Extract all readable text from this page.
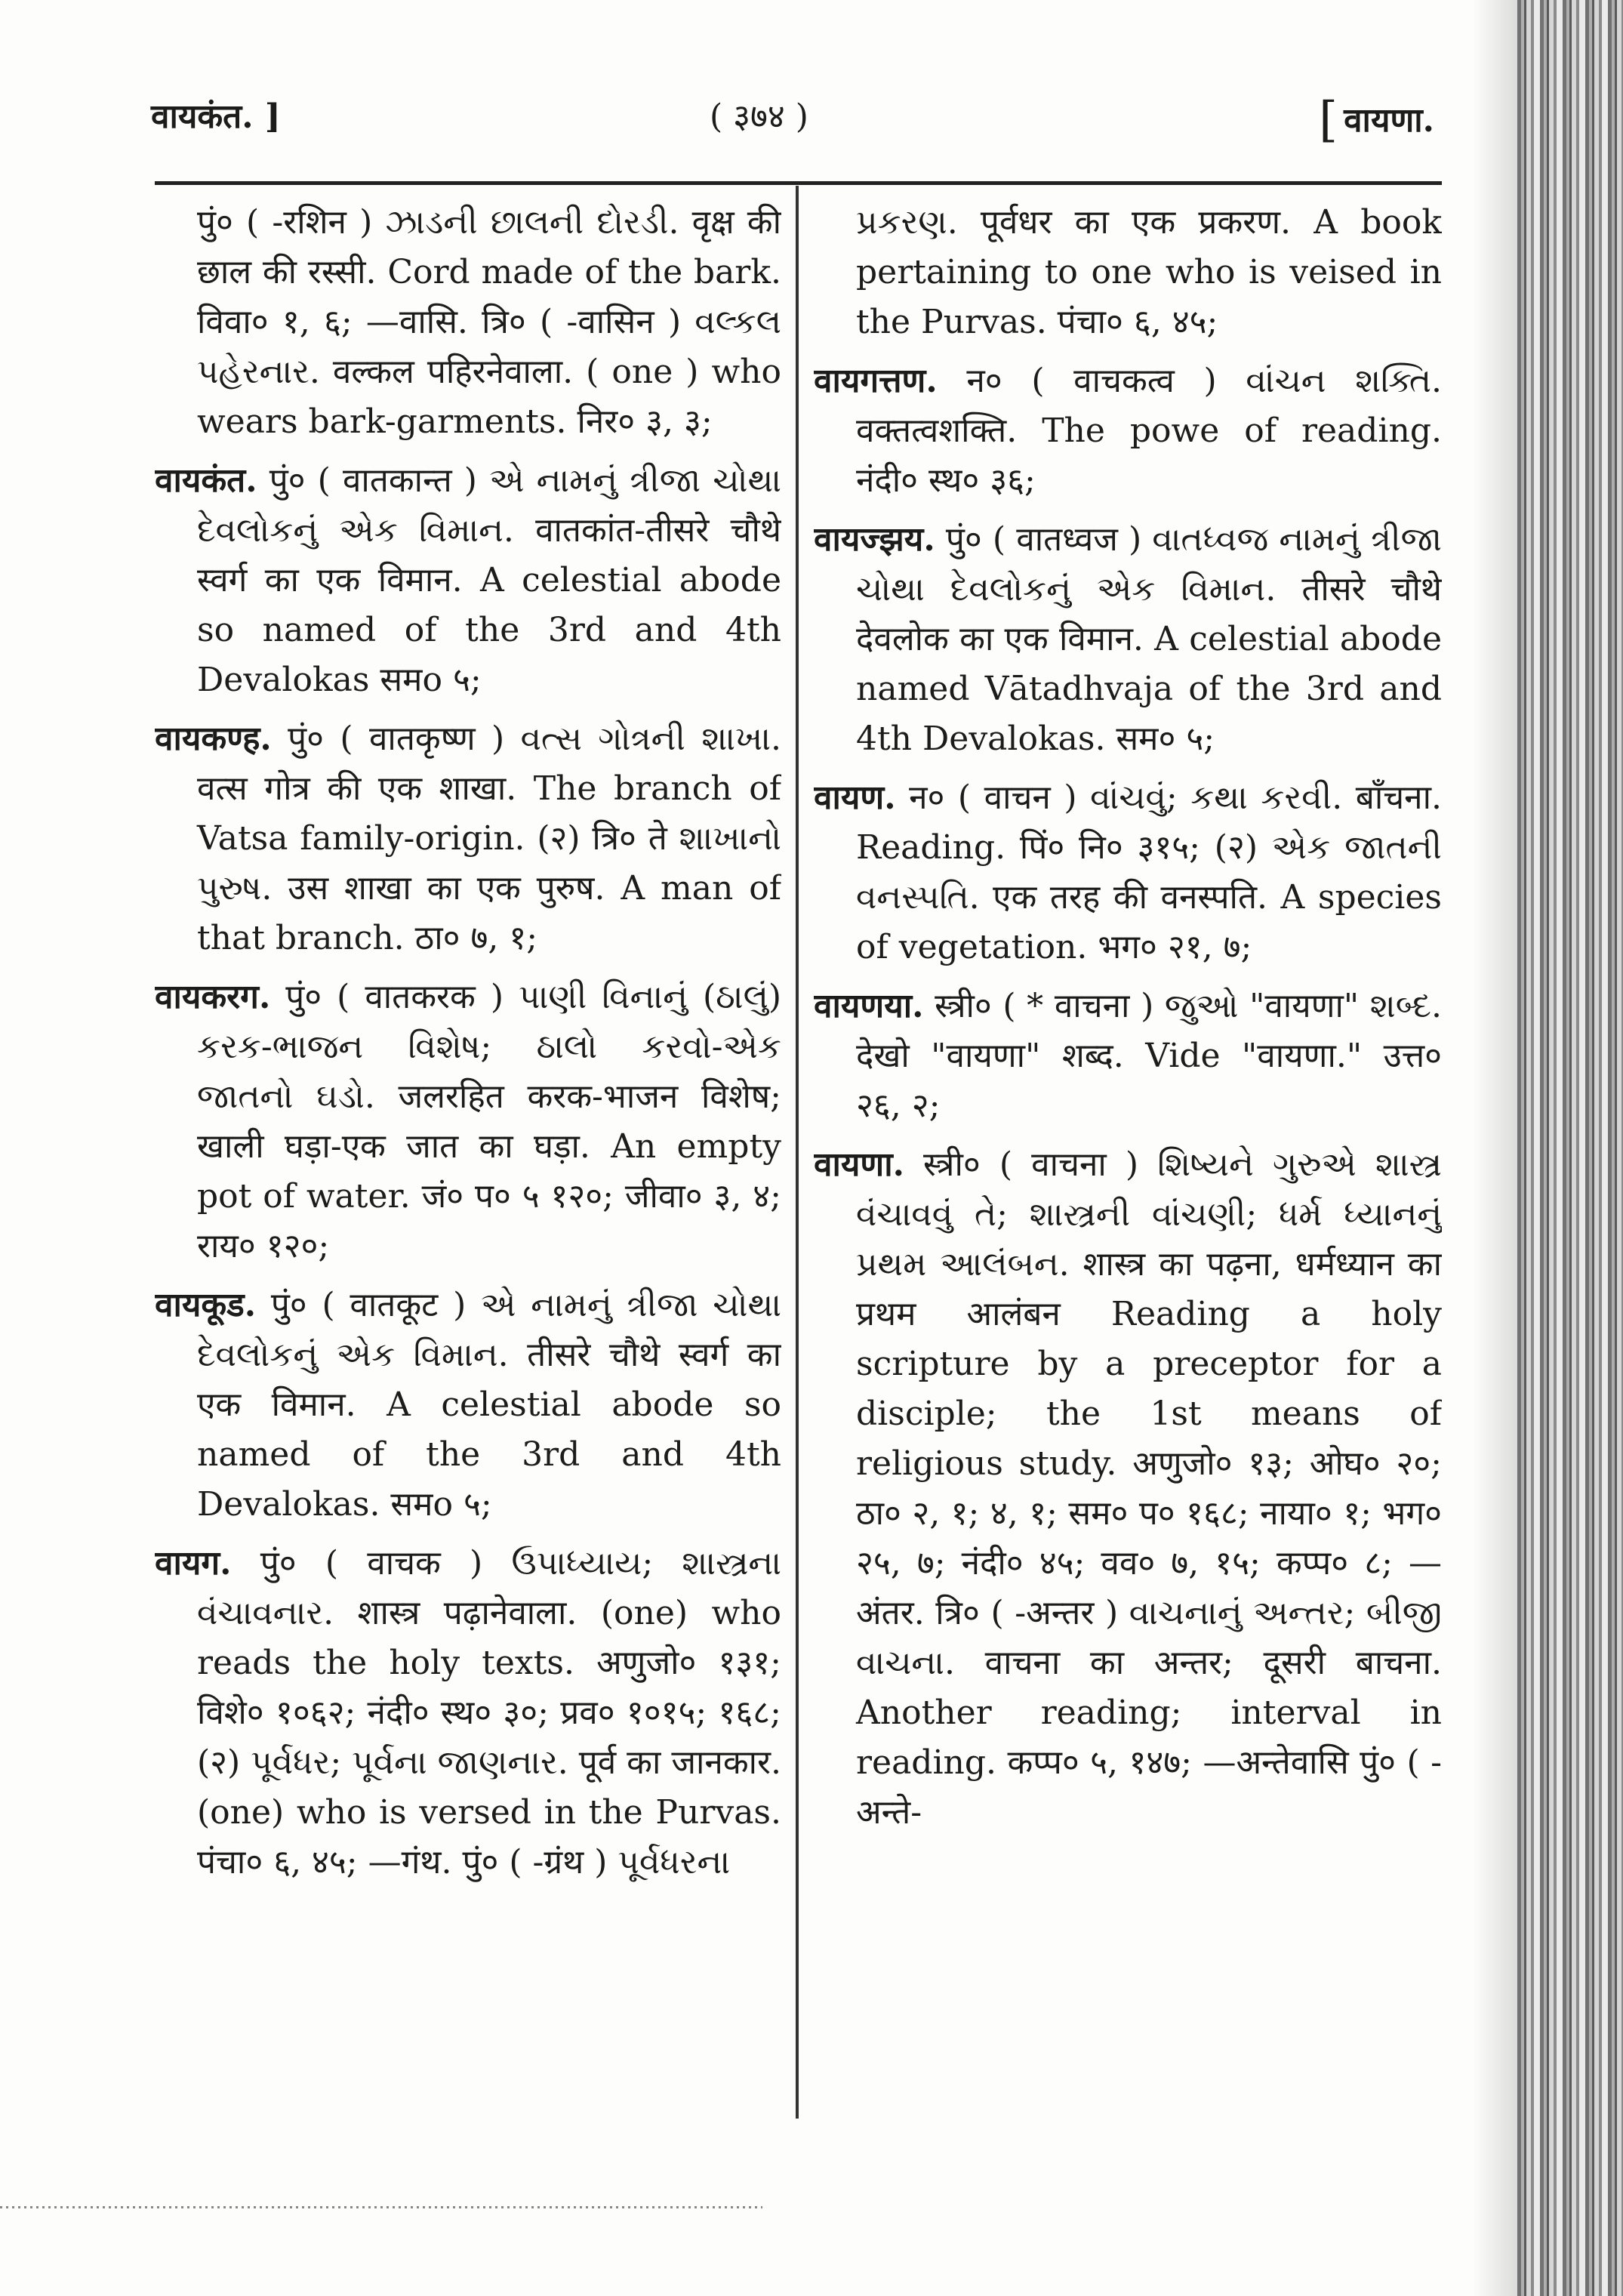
वायकंत. ]	( ३७४ )	[ वायणा.

पुं० ( -रशिन ) ઝાડની છાલની દોરડી. वृक्ष की छाल की रस्सी. Cord made of the bark. विवा० १, ६; —वासि. त्रि० ( -वासिन ) વલ્કલ પહેરનાર. वल्कल पहिरनेवाला. ( one ) who wears bark-garments. निर० ३, ३;

वायकंत. पुं० ( वातकान्त ) એ નામનું ત્રીજા ચોથા દેવલોકનું એક વિમાન. वातकांत-तीसरे चौथे स्वर्ग का एक विमान. A celestial abode so named of the 3rd and 4th Devalokas समo ५;

वायकण्ह. पुं० ( वातकृष्ण ) વત્સ ગોત્રની શાખા. वत्स गोत्र की एक शाखा. The branch of Vatsa family-origin. (२) त्रि० ते શાખાનો પુરુષ. उस शाखा का एक पुरुष. A man of that branch. ठा० ७, १;

वायकरग. पुं० ( वातकरक ) પાણી વિનાનું (ઠાલું) કરક-ભાજન વિશેષ; ઠાલો કરવો-એક જાતનો ઘડો. जलरहित करक-भाजन विशेष; खाली घड़ा-एक जात का घड़ा. An empty pot of water. जं० प० ५ १२०; जीवा० ३, ४; राय० १२०;

वायकूड. पुं० ( वातकूट ) એ નામનું ત્રીજા ચોથા દેવલોકનું એક વિમાન. तीसरे चौथे स्वर्ग का एक विमान. A celestial abode so named of the 3rd and 4th Devalokas. समo ५;

वायग. पुं० ( वाचक ) ઉપાધ્યાય; શાસ્ત્રના વંચાવનાર. शास्त्र पढ़ानेवाला. (one) who reads the holy texts. अणुजो० १३१; विशे० १०६२; नंदी० स्थ० ३०; प्रव० १०१५; १६८; (२) પૂર્વધર; પૂર્વના જાણનાર. पूर्व का जानकार. (one) who is versed in the Purvas. पंचा० ६, ४५; —गंथ. पुं० ( -ग्रंथ ) પૂર્વધરના

પ્રકરણ. पूर्वधर का एक प्रकरण. A book pertaining to one who is veised in the Purvas. पंचा० ६, ४५;

वायगत्तण. न० ( वाचकत्व ) વાંચન શક્તિ. वक्तत्वशक्ति. The powe of reading. नंदी० स्थ० ३६;

वायज्झय. पुं० ( वातध्वज ) વાતધ્વજ નામનું ત્રીજા ચોથા દેવલોકનું એક વિમાન. तीसरे चौथे देवलोक का एक विमान. A celestial abode named Vātadhvaja of the 3rd and 4th Devalokas. सम० ५;

वायण. न० ( वाचन ) વાંચવું; કથા કરવી. बाँचना. Reading. पिं० नि० ३१५; (२) એક જાતની વનસ્પતિ. एक तरह की वनस्पति. A species of vegetation. भग० २१, ७;

वायणया. स्त्री० ( * वाचना ) જુઓ "वायणा" શબ્દ. देखो "वायणा" शब्द. Vide "वायणा." उत्त० २६, २;

वायणा. स्त्री० ( वाचना ) શિષ્યને ગુરુએ શાસ્ત્ર વંચાવવું તે; શાસ્ત્રની વાંચણી; ધર્મ ધ્યાનનું પ્રથમ આલંબન. शास्त्र का पढ़ना, धर्मध्यान का प्रथम आलंबन Reading a holy scripture by a preceptor for a disciple; the 1st means of religious study. अणुजो० १३; ओघ० २०; ठा० २, १; ४, १; सम० प० १६८; नाया० १; भग० २५, ७; नंदी० ४५; वव० ७, १५; कप्प० ८; —अंतर. त्रि० ( -अन्तर ) વાચનાનું અન્તર; બીજી વાચના. वाचना का अन्तर; दूसरी बाचना. Another reading; interval in reading. कप्प० ५, १४७; —अन्तेवासि पुं० ( -अन्ते-
